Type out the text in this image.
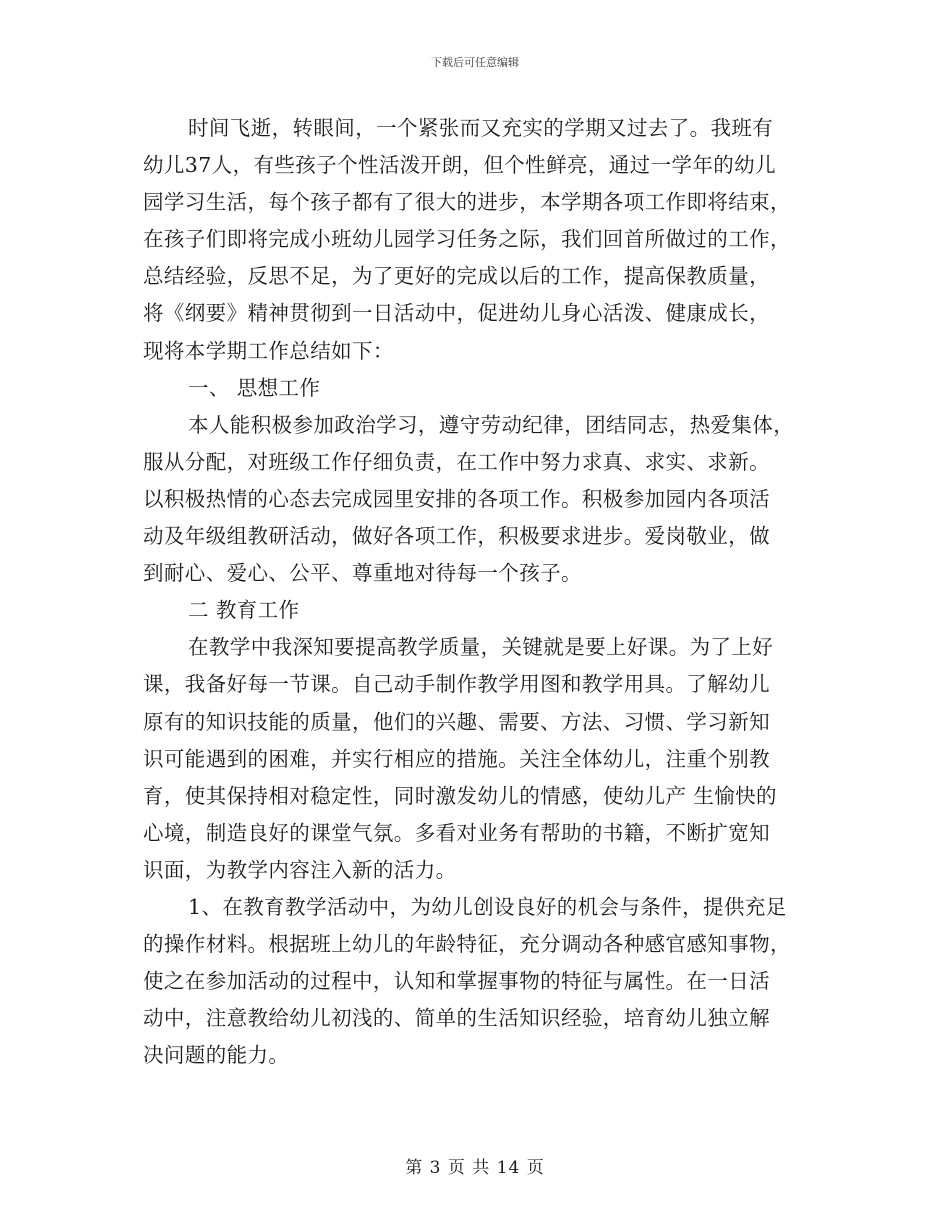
下载后可任意编辑
时间飞逝，转眼间，一个紧张而又充实的学期又过去了。我班有
幼儿37人，有些孩子个性活泼开朗，但个性鲜亮，通过一学年的幼儿
园学习生活，每个孩子都有了很大的进步，本学期各项工作即将结束，
在孩子们即将完成小班幼儿园学习任务之际，我们回首所做过的工作，
总结经验，反思不足，为了更好的完成以后的工作，提高保教质量，
将《纲要》精神贯彻到一日活动中，促进幼儿身心活泼、健康成长，
现将本学期工作总结如下：
一、 思想工作
本人能积极参加政治学习，遵守劳动纪律，团结同志，热爱集体，
服从分配，对班级工作仔细负责，在工作中努力求真、求实、求新。
以积极热情的心态去完成园里安排的各项工作。积极参加园内各项活
动及年级组教研活动，做好各项工作，积极要求进步。爱岗敬业，做
到耐心、爱心、公平、尊重地对待每一个孩子。
二 教育工作
在教学中我深知要提高教学质量，关键就是要上好课。为了上好
课，我备好每一节课。自己动手制作教学用图和教学用具。了解幼儿
原有的知识技能的质量，他们的兴趣、需要、方法、习惯、学习新知
识可能遇到的困难，并实行相应的措施。关注全体幼儿，注重个别教
育，使其保持相对稳定性，同时激发幼儿的情感，使幼儿产 生愉快的
心境，制造良好的课堂气氛。多看对业务有帮助的书籍，不断扩宽知
识面，为教学内容注入新的活力。
1、在教育教学活动中，为幼儿创设良好的机会与条件，提供充足
的操作材料。根据班上幼儿的年龄特征，充分调动各种感官感知事物，
使之在参加活动的过程中，认知和掌握事物的特征与属性。在一日活
动中，注意教给幼儿初浅的、简单的生活知识经验，培育幼儿独立解
决问题的能力。
第 3 页 共 14 页
